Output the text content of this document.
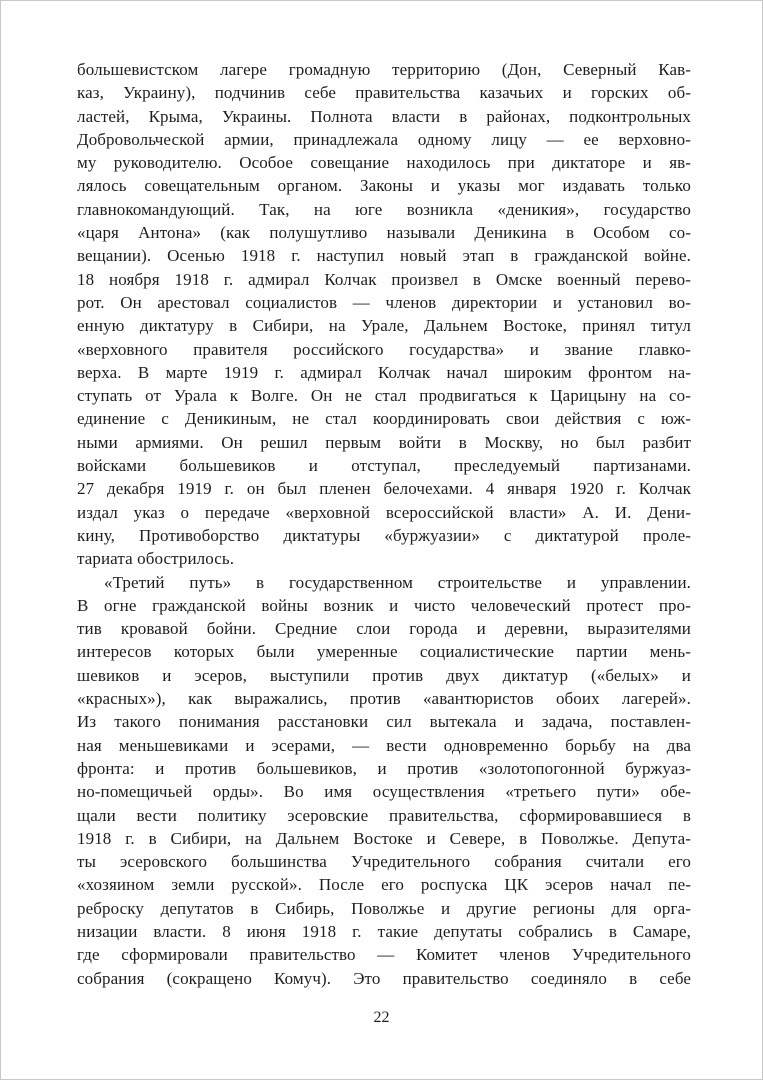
большевистском лагере громадную территорию (Дон, Северный Кав-
каз, Украину), подчинив себе правительства казачьих и горских об-
ластей, Крыма, Украины. Полнота власти в районах, подконтрольных
Добровольческой армии, принадлежала одному лицу — ее верховно-
му руководителю. Особое совещание находилось при диктаторе и яв-
лялось совещательным органом. Законы и указы мог издавать только
главнокомандующий. Так, на юге возникла «деникия», государство
«царя Антона» (как полушутливо называли Деникина в Особом со-
вещании). Осенью 1918 г. наступил новый этап в гражданской войне.
18 ноября 1918 г. адмирал Колчак произвел в Омске военный перево-
рот. Он арестовал социалистов — членов директории и установил во-
енную диктатуру в Сибири, на Урале, Дальнем Востоке, принял титул
«верховного правителя российского государства» и звание главко-
верха. В марте 1919 г. адмирал Колчак начал широким фронтом на-
ступать от Урала к Волге. Он не стал продвигаться к Царицыну на со-
единение с Деникиным, не стал координировать свои действия с юж-
ными армиями. Он решил первым войти в Москву, но был разбит
войсками большевиков и отступал, преследуемый партизанами.
27 декабря 1919 г. он был пленен белочехами. 4 января 1920 г. Колчак
издал указ о передаче «верховной всероссийской власти» А. И. Дени-
кину, Противоборство диктатуры «буржуазии» с диктатурой проле-
тариата обострилось.
«Третий путь» в государственном строительстве и управлении.
В огне гражданской войны возник и чисто человеческий протест про-
тив кровавой бойни. Средние слои города и деревни, выразителями
интересов которых были умеренные социалистические партии мень-
шевиков и эсеров, выступили против двух диктатур («белых» и
«красных»), как выражались, против «авантюристов обоих лагерей».
Из такого понимания расстановки сил вытекала и задача, поставлен-
ная меньшевиками и эсерами, — вести одновременно борьбу на два
фронта: и против большевиков, и против «золотопогонной буржуаз-
но-помещичьей орды». Во имя осуществления «третьего пути» обе-
щали вести политику эсеровские правительства, сформировавшиеся в
1918 г. в Сибири, на Дальнем Востоке и Севере, в Поволжье. Депута-
ты эсеровского большинства Учредительного собрания считали его
«хозяином земли русской». После его роспуска ЦК эсеров начал пе-
реброску депутатов в Сибирь, Поволжье и другие регионы для орга-
низации власти. 8 июня 1918 г. такие депутаты собрались в Самаре,
где сформировали правительство — Комитет членов Учредительного
собрания (сокращено Комуч). Это правительство соединяло в себе
22
